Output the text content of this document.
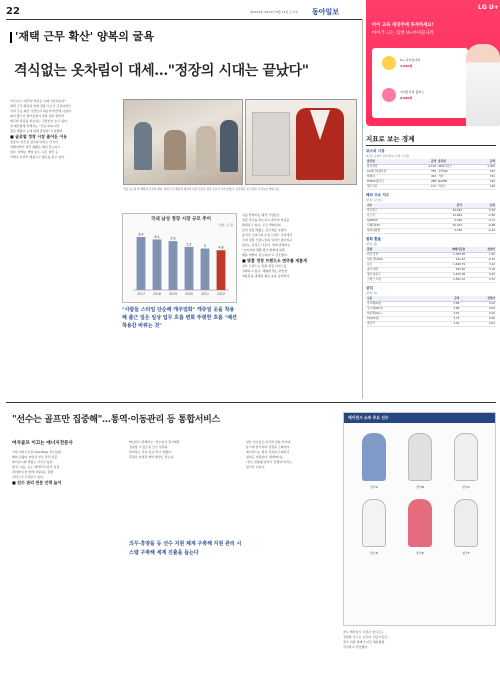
22	제3216호 2023년 8월 13일 토요일 동아일보
'재택 근무 확산' 양복의 굴욕
격식없는 옷차림이 대세…"정장의 시대는 끝났다"
"비즈니스 캐주얼 착용은 이제 기본입니다"
재택 근무 확산과 함께 정장 수요가 급감하면서
국내 주요 패션 기업들이 대응책 마련에 나섰다.
회사 출근이 줄어들면서 양복 대신 편안한
캐주얼 복장을 선호하는 직장인이 늘고 있다.
한 패션업계 관계자는 "코로나19 이후
정장 매출이 눈에 띄게 줄었다"고 말했다.
■ 글로벌 정장 시장 줄어든 이유
정장이 '사무실 필수품'이라는 인식이
약해지면서 관련 매출은 매년 감소하고
있다. 업계는 셋업 슈트, 니트 재킷 등
가볍고 유연한 제품으로 활로를 찾고 있다.
서울 중구의 한 백화점 남성복 매장. 재택 근무 확산과 캐주얼 복장 선호로 정장 수요가 크게 줄었다. 오른쪽은 한 브랜드가 선보인 셋업 슈트.
국내 남성 정장 시장 규모 추이
단위: 조 원
6.4
2017
6.1
2018
5.9
2019
5.2
2020
5
2021
4.8
2022
"사람들 스타일 단순해 캐주얼화" 캐쥬얼 옷을 착용해 출근 일은 일상 업무 흐름 변화 뚜렷한 흐름 "패션 착용감 바뀌는 것"
이를 반영하듯 패션 기업들은
정장 라인을 축소하고 캐주얼 비중을
확대하고 있다. 주요 백화점의
남성 정장 매출도 감소세를 보였다.
중저가 브랜드와 수입 브랜드 사이에서
국내 정장 브랜드들의 입지가 좁아지고
있다는 분석도 나온다. 업계 관계자는
"소비자의 생활 방식 변화에 맞춘
제품 개발이 필요하다"고 강조했다.
■ 맞춤 정장 브랜드도 변주를 새롭게
일부 브랜드는 맞춤 정장 서비스를
강화하고 있다. 체형에 맞는 편안한
착용감을 내세워 젊은 층을 공략한다.
LG U+
아이 교육 대장주에 투자하세요!
아이가 크는 집엔 U+아이들나라
U+ 아이들나라
3,950원
아이들나라 플러스
9,900원
지표로 보는 경제
코스피 시장
외국인 순매수 상위 종목 (단위: 억 원)
종목명	금액	종목명	금액
삼성전자	2,110	SK하이닉스	1,045
LG에너지솔루션	785	삼성SDI	512
현대차	430	기아	321
POSCO홀딩스	288	NAVER	210
셀트리온	175	카카오	156
해외 주요 지수
(단위: 포인트)
지수	종가	등락
다우존스	35,281	0.30
나스닥	13,644	-0.56
S&P500	4,464	-0.11
니케이225	32,473	-0.68
상하이종합	3,189	-2.01
원화 환율
(단위: 원)
통화	매매기준율	전일비
미국 달러	1,320.50	1.50
일본 엔(100)	911.42	-2.10
유로	1,446.79	3.22
중국 위안	182.56	0.18
영국 파운드	1,675.38	4.45
스위스 프랑	1,505.12	2.31
금리
(단위: %)
구분	금리	전일비
국고채(3년)	3.68	0.02
국고채(10년)	3.86	0.03
회사채(AA-)	4.55	0.02
CD(91일)	3.75	0.00
콜금리	3.52	0.01
"선수는 골프만 집중해"…통역·이동관리 등 통합서비스
여자골프 이끄는 에너지전문사
국내 여자프로골프(KLPGA) 선수들의
해외 진출이 늘면서 선수 관리 전문
에이전시의 역할도 커지고 있다.
통역, 이동, 숙소 예약부터 훈련 일정
관리까지 한 번에 지원하는 통합
서비스가 주목받고 있다.
■ 선수 관리 전문 인력 늘어
에이전시 관계자는 "선수들이 경기에만
집중할 수 있도록 모든 일정을
관리하는 것이 목표"라고 말했다.
후원사 연결과 계약 협상도 맡는다.
의무·휴양을 등 선수 지원 체계 구축해 지원 관리 시스템 구축해 세계 진출을 돕는다
일부 선수들은 미국과 일본 투어에
동시에 참가하며 일정을 소화한다.
에이전시는 현지 코치와 트레이너
섭외도 지원한다. 업계에서는
"선수 맞춤형 관리가 경쟁력"이라는
평가가 나온다.
에이전시 소속 주요 선수
선수A	선수B	선수C
선수D	선수E	선수F
골프 에이전시 시장은 앞으로도
성장할 것으로 보인다. 전문가들은
선수 지원 체계가 더욱 세분화될
것이라고 전망했다.
